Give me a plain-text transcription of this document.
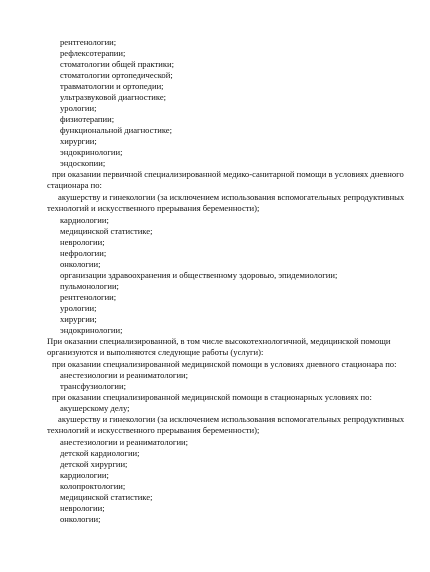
рентгенологии;
рефлексотерапии;
стоматологии общей практики;
стоматологии ортопедической;
травматологии и ортопедии;
ультразвуковой диагностике;
урологии;
физиотерапии;
функциональной диагностике;
хирургии;
эндокринологии;
эндоскопии;
при оказании первичной специализированной медико-санитарной помощи в условиях дневного
стационара по:
акушерству и гинекологии (за исключением использования вспомогательных репродуктивных
технологий и искусственного прерывания беременности);
кардиологии;
медицинской статистике;
неврологии;
нефрологии;
онкологии;
организации здравоохранения и общественному здоровью, эпидемиологии;
пульмонологии;
рентгенологии;
урологии;
хирургии;
эндокринологии;
При оказании специализированной, в том числе высокотехнологичной, медицинской помощи
организуются и выполняются следующие работы (услуги):
при оказании специализированной медицинской помощи в условиях дневного стационара по:
анестезиологии и реаниматологии;
трансфузиологии;
при оказании специализированной медицинской помощи в стационарных условиях по:
акушерскому делу;
акушерству и гинекологии (за исключением использования вспомогательных репродуктивных
технологий и искусственного прерывания беременности);
анестезиологии и реаниматологии;
детской кардиологии;
детской хирургии;
кардиологии;
колопроктологии;
медицинской статистике;
неврологии;
онкологии;
